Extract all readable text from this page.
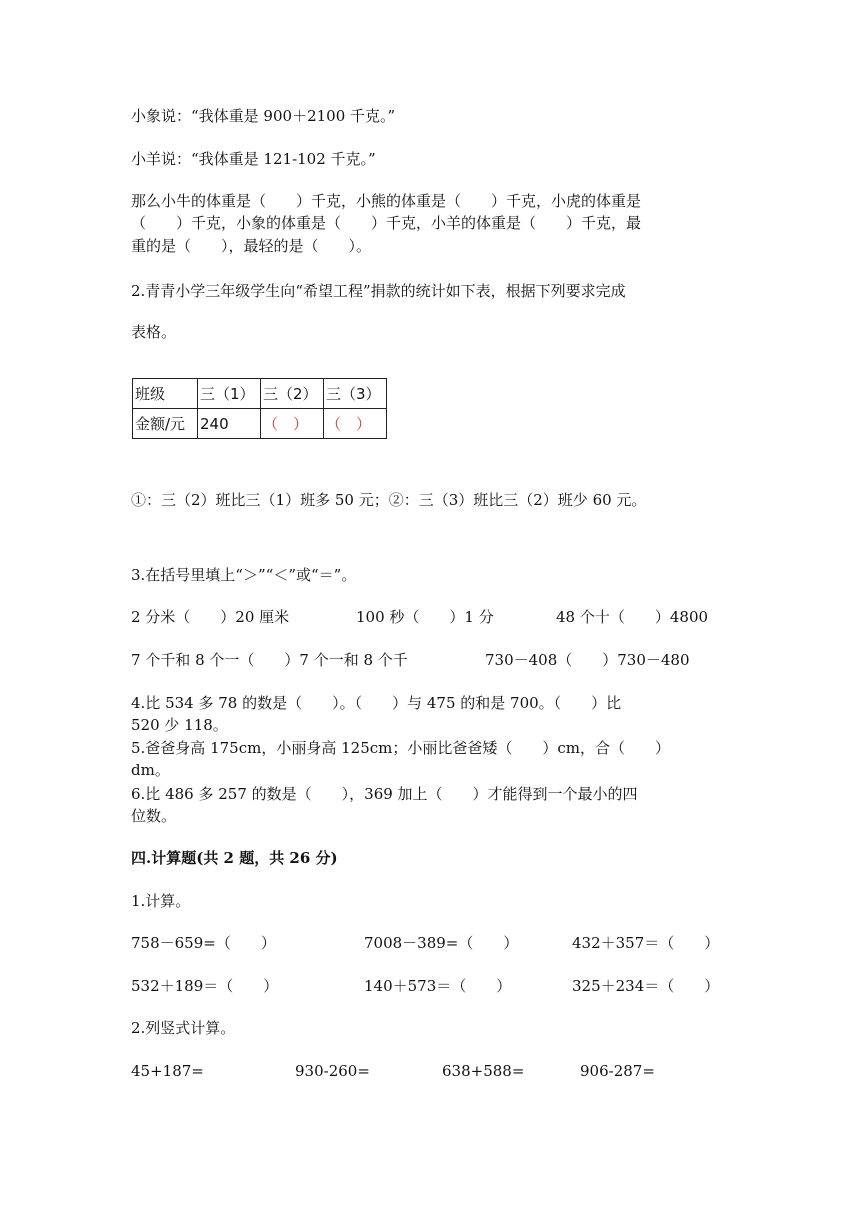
小象说：“我体重是 900＋2100 千克。”
小羊说：“我体重是 121-102 千克。”
那么小牛的体重是（　　）千克，小熊的体重是（　　）千克，小虎的体重是
（　　）千克，小象的体重是（　　）千克，小羊的体重是（　　）千克，最
重的是（　　），最轻的是（　　）。
2.青青小学三年级学生向“希望工程”捐款的统计如下表，根据下列要求完成
表格。
班级	三（1）	三（2）	三（3）
金额/元	240	（　）	（　）
①：三（2）班比三（1）班多 50 元；②：三（3）班比三（2）班少 60 元。
3.在括号里填上“＞”“＜”或“＝”。
2 分米（　　）20 厘米	100 秒（　　）1 分	48 个十（　　）4800
7 个千和 8 个一（　　）7 个一和 8 个千	730－408（　　）730－480
4.比 534 多 78 的数是（　　）。（　　）与 475 的和是 700。（　　）比
520 少 118。
5.爸爸身高 175cm，小丽身高 125cm；小丽比爸爸矮（　　）cm，合（　　）
dm。
6.比 486 多 257 的数是（　　），369 加上（　　）才能得到一个最小的四
位数。
四.计算题(共 2 题，共 26 分)
1.计算。
758－659=（　　）	7008－389=（　　）	432＋357＝（　　）
532＋189＝（　　）	140＋573＝（　　）	325＋234＝（　　）
2.列竖式计算。
45+187=	930-260=	638+588=	906-287=
